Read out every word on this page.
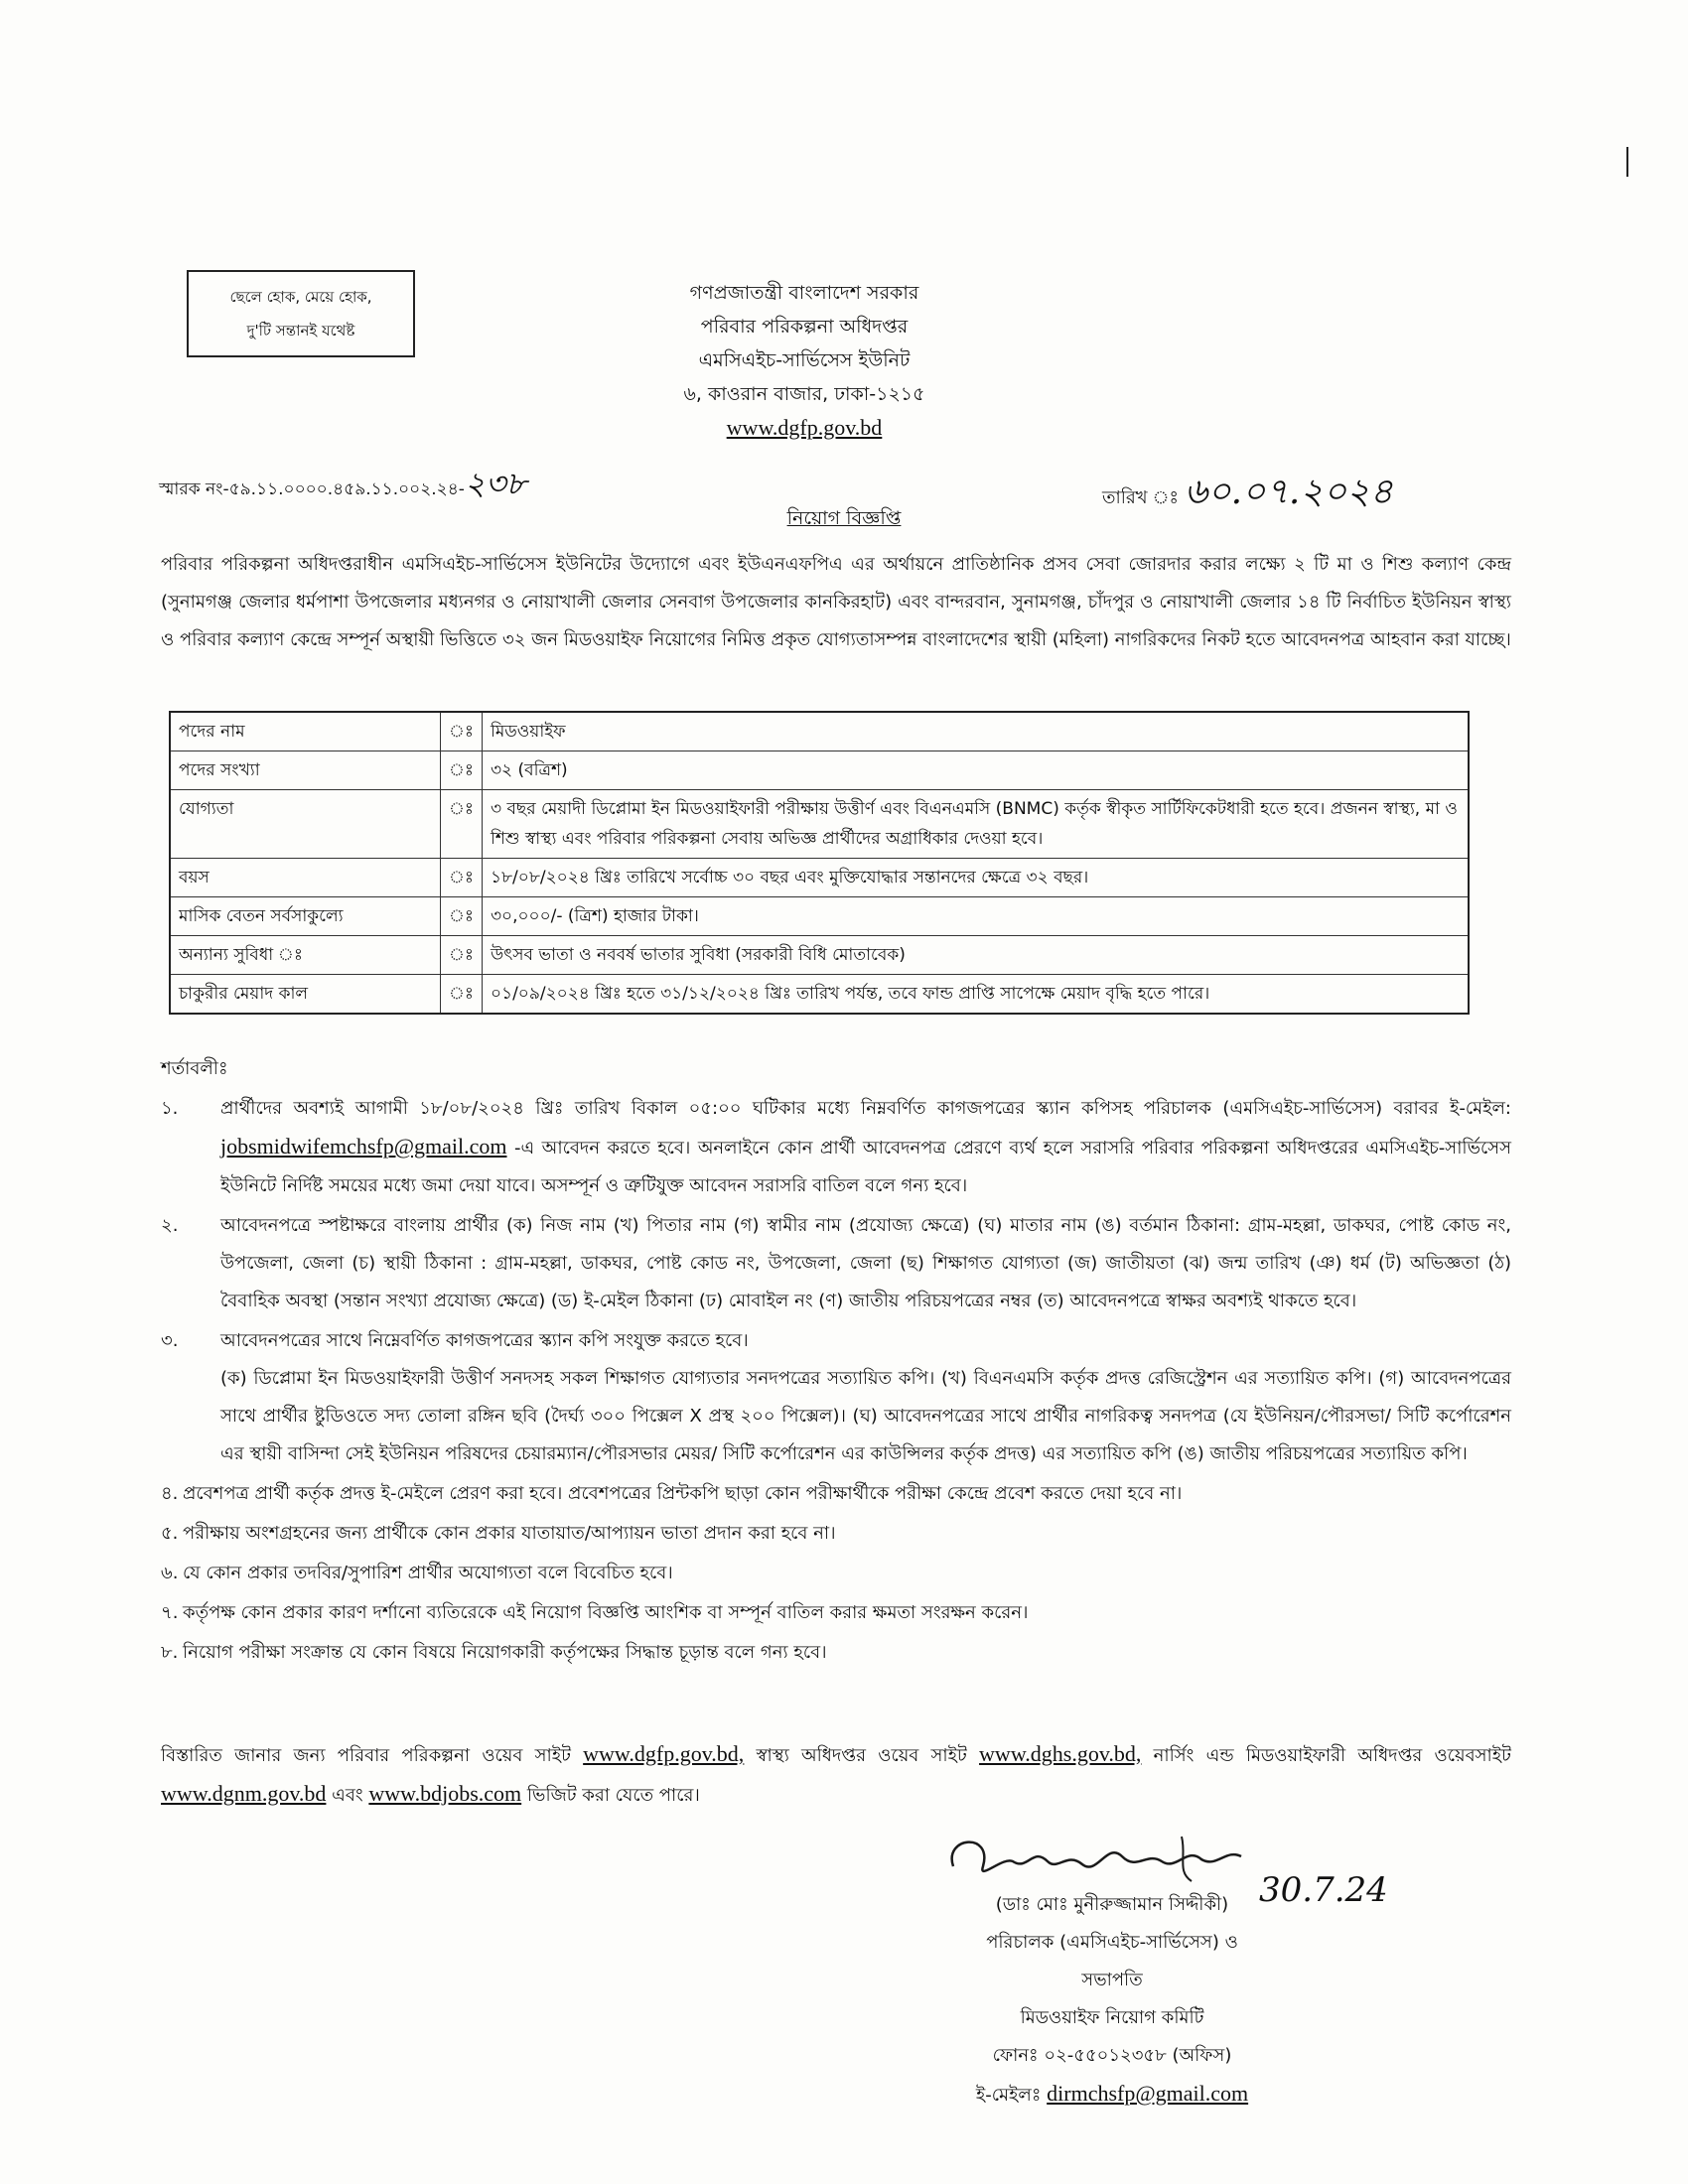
ছেলে হোক, মেয়ে হোক,
দু'টি সন্তানই যথেষ্ট
গণপ্রজাতন্ত্রী বাংলাদেশ সরকার
পরিবার পরিকল্পনা অধিদপ্তর
এমসিএইচ-সার্ভিসেস ইউনিট
৬, কাওরান বাজার, ঢাকা-১২১৫
www.dgfp.gov.bd
স্মারক নং-৫৯.১১.০০০০.৪৫৯.১১.০০২.২৪-২৩৮	তারিখ ঃ ৬০.০৭.২০২৪
নিয়োগ বিজ্ঞপ্তি
পরিবার পরিকল্পনা অধিদপ্তরাধীন এমসিএইচ-সার্ভিসেস ইউনিটের উদ্যোগে এবং ইউএনএফপিএ এর অর্থায়নে প্রাতিষ্ঠানিক প্রসব সেবা জোরদার করার লক্ষ্যে ২ টি মা ও শিশু কল্যাণ কেন্দ্র (সুনামগঞ্জ জেলার ধর্মপাশা উপজেলার মধ্যনগর ও নোয়াখালী জেলার সেনবাগ উপজেলার কানকিরহাট) এবং বান্দরবান, সুনামগঞ্জ, চাঁদপুর ও নোয়াখালী জেলার ১৪ টি নির্বাচিত ইউনিয়ন স্বাস্থ্য ও পরিবার কল্যাণ কেন্দ্রে সম্পূর্ন অস্থায়ী ভিত্তিতে ৩২ জন মিডওয়াইফ নিয়োগের নিমিত্ত প্রকৃত যোগ্যতাসম্পন্ন বাংলাদেশের স্থায়ী (মহিলা) নাগরিকদের নিকট হতে আবেদনপত্র আহবান করা যাচ্ছে।
পদের নাম	ঃ	মিডওয়াইফ
পদের সংখ্যা	ঃ	৩২ (বত্রিশ)
যোগ্যতা	ঃ	৩ বছর মেয়াদী ডিপ্লোমা ইন মিডওয়াইফারী পরীক্ষায় উত্তীর্ণ এবং বিএনএমসি (BNMC) কর্তৃক স্বীকৃত সার্টিফিকেটধারী হতে হবে। প্রজনন স্বাস্থ্য, মা ও শিশু স্বাস্থ্য এবং পরিবার পরিকল্পনা সেবায় অভিজ্ঞ প্রার্থীদের অগ্রাধিকার দেওয়া হবে।
বয়স	ঃ	১৮/০৮/২০২৪ খ্রিঃ তারিখে সর্বোচ্চ ৩০ বছর এবং মুক্তিযোদ্ধার সন্তানদের ক্ষেত্রে ৩২ বছর।
মাসিক বেতন সর্বসাকুল্যে	ঃ	৩০,০০০/- (ত্রিশ) হাজার টাকা।
অন্যান্য সুবিধা ঃ	ঃ	উৎসব ভাতা ও নববর্ষ ভাতার সুবিধা (সরকারী বিধি মোতাবেক)
চাকুরীর মেয়াদ কাল	ঃ	০১/০৯/২০২৪ খ্রিঃ হতে ৩১/১২/২০২৪ খ্রিঃ তারিখ পর্যন্ত, তবে ফান্ড প্রাপ্তি সাপেক্ষে মেয়াদ বৃদ্ধি হতে পারে।
শর্তাবলীঃ
১. প্রার্থীদের অবশ্যই আগামী ১৮/০৮/২০২৪ খ্রিঃ তারিখ বিকাল ০৫:০০ ঘটিকার মধ্যে নিম্নবর্ণিত কাগজপত্রের স্ক্যান কপিসহ পরিচালক (এমসিএইচ-সার্ভিসেস) বরাবর ই-মেইল: jobsmidwifemchsfp@gmail.com -এ আবেদন করতে হবে। অনলাইনে কোন প্রার্থী আবেদনপত্র প্রেরণে ব্যর্থ হলে সরাসরি পরিবার পরিকল্পনা অধিদপ্তরের এমসিএইচ-সার্ভিসেস ইউনিটে নির্দিষ্ট সময়ের মধ্যে জমা দেয়া যাবে। অসম্পূর্ন ও ত্রুটিযুক্ত আবেদন সরাসরি বাতিল বলে গন্য হবে।
২. আবেদনপত্রে স্পষ্টাক্ষরে বাংলায় প্রার্থীর (ক) নিজ নাম (খ) পিতার নাম (গ) স্বামীর নাম (প্রযোজ্য ক্ষেত্রে) (ঘ) মাতার নাম (ঙ) বর্তমান ঠিকানা: গ্রাম-মহল্লা, ডাকঘর, পোষ্ট কোড নং, উপজেলা, জেলা (চ) স্থায়ী ঠিকানা : গ্রাম-মহল্লা, ডাকঘর, পোষ্ট কোড নং, উপজেলা, জেলা (ছ) শিক্ষাগত যোগ্যতা (জ) জাতীয়তা (ঝ) জন্ম তারিখ (ঞ) ধর্ম (ট) অভিজ্ঞতা (ঠ) বৈবাহিক অবস্থা (সন্তান সংখ্যা প্রযোজ্য ক্ষেত্রে) (ড) ই-মেইল ঠিকানা (ঢ) মোবাইল নং (ণ) জাতীয় পরিচয়পত্রের নম্বর (ত) আবেদনপত্রে স্বাক্ষর অবশ্যই থাকতে হবে।
৩. আবেদনপত্রের সাথে নিম্নেবর্ণিত কাগজপত্রের স্ক্যান কপি সংযুক্ত করতে হবে।
(ক) ডিপ্লোমা ইন মিডওয়াইফারী উত্তীর্ণ সনদসহ সকল শিক্ষাগত যোগ্যতার সনদপত্রের সত্যায়িত কপি। (খ) বিএনএমসি কর্তৃক প্রদত্ত রেজিস্ট্রেশন এর সত্যায়িত কপি। (গ) আবেদনপত্রের সাথে প্রার্থীর ষ্টুডিওতে সদ্য তোলা রঙ্গিন ছবি (দৈর্ঘ্য ৩০০ পিক্সেল X প্রস্থ ২০০ পিক্সেল)। (ঘ) আবেদনপত্রের সাথে প্রার্থীর নাগরিকত্ব সনদপত্র (যে ইউনিয়ন/পৌরসভা/ সিটি কর্পোরেশন এর স্থায়ী বাসিন্দা সেই ইউনিয়ন পরিষদের চেয়ারম্যান/পৌরসভার মেয়র/ সিটি কর্পোরেশন এর কাউন্সিলর কর্তৃক প্রদত্ত) এর সত্যায়িত কপি (ঙ) জাতীয় পরিচয়পত্রের সত্যায়িত কপি।
৪. প্রবেশপত্র প্রার্থী কর্তৃক প্রদত্ত ই-মেইলে প্রেরণ করা হবে। প্রবেশপত্রের প্রিন্টকপি ছাড়া কোন পরীক্ষার্থীকে পরীক্ষা কেন্দ্রে প্রবেশ করতে দেয়া হবে না।
৫. পরীক্ষায় অংশগ্রহনের জন্য প্রার্থীকে কোন প্রকার যাতায়াত/আপ্যায়ন ভাতা প্রদান করা হবে না।
৬. যে কোন প্রকার তদবির/সুপারিশ প্রার্থীর অযোগ্যতা বলে বিবেচিত হবে।
৭. কর্তৃপক্ষ কোন প্রকার কারণ দর্শানো ব্যতিরেকে এই নিয়োগ বিজ্ঞপ্তি আংশিক বা সম্পূর্ন বাতিল করার ক্ষমতা সংরক্ষন করেন।
৮. নিয়োগ পরীক্ষা সংক্রান্ত যে কোন বিষয়ে নিয়োগকারী কর্তৃপক্ষের সিদ্ধান্ত চূড়ান্ত বলে গন্য হবে।
বিস্তারিত জানার জন্য পরিবার পরিকল্পনা ওয়েব সাইট www.dgfp.gov.bd, স্বাস্থ্য অধিদপ্তর ওয়েব সাইট www.dghs.gov.bd, নার্সিং এন্ড মিডওয়াইফারী অধিদপ্তর ওয়েবসাইট www.dgnm.gov.bd এবং www.bdjobs.com ভিজিট করা যেতে পারে।
30.7.24
(ডাঃ মোঃ মুনীরুজ্জামান সিদ্দীকী)
পরিচালক (এমসিএইচ-সার্ভিসেস) ও
সভাপতি
মিডওয়াইফ নিয়োগ কমিটি
ফোনঃ ০২-৫৫০১২৩৫৮ (অফিস)
ই-মেইলঃ dirmchsfp@gmail.com
